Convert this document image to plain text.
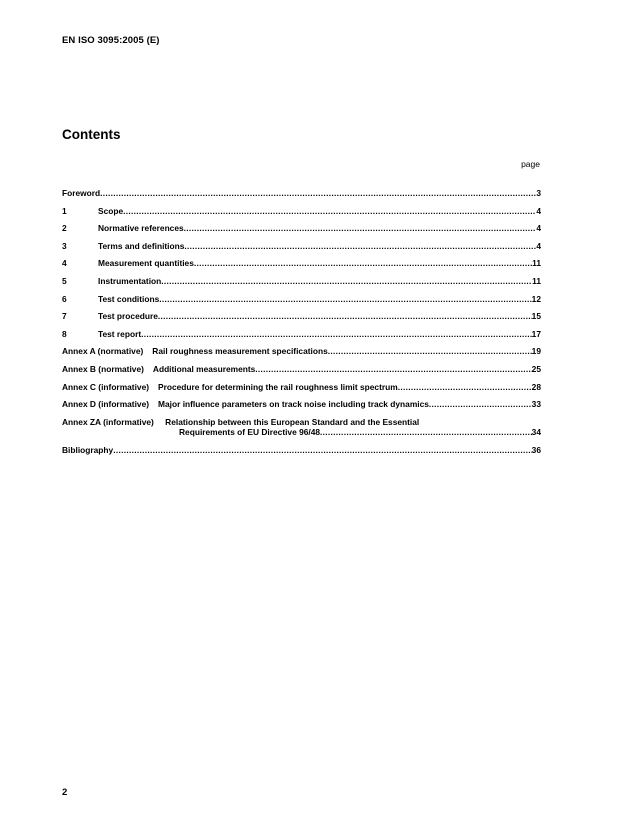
EN ISO 3095:2005 (E)
Contents
page
Foreword .....	3
1	Scope .....	4
2	Normative references .....	4
3	Terms and definitions .....	4
4	Measurement quantities .....	11
5	Instrumentation .....	11
6	Test conditions .....	12
7	Test procedure .....	15
8	Test report .....	17
Annex A (normative) Rail roughness measurement specifications .....	19
Annex B (normative) Additional measurements .....	25
Annex C (informative) Procedure for determining the rail roughness limit spectrum .....	28
Annex D (informative) Major influence parameters on track noise including track dynamics .....	33
Annex ZA (informative) Relationship between this European Standard and the Essential
Requirements of EU Directive 96/48 .....	34
Bibliography .....	36
2
